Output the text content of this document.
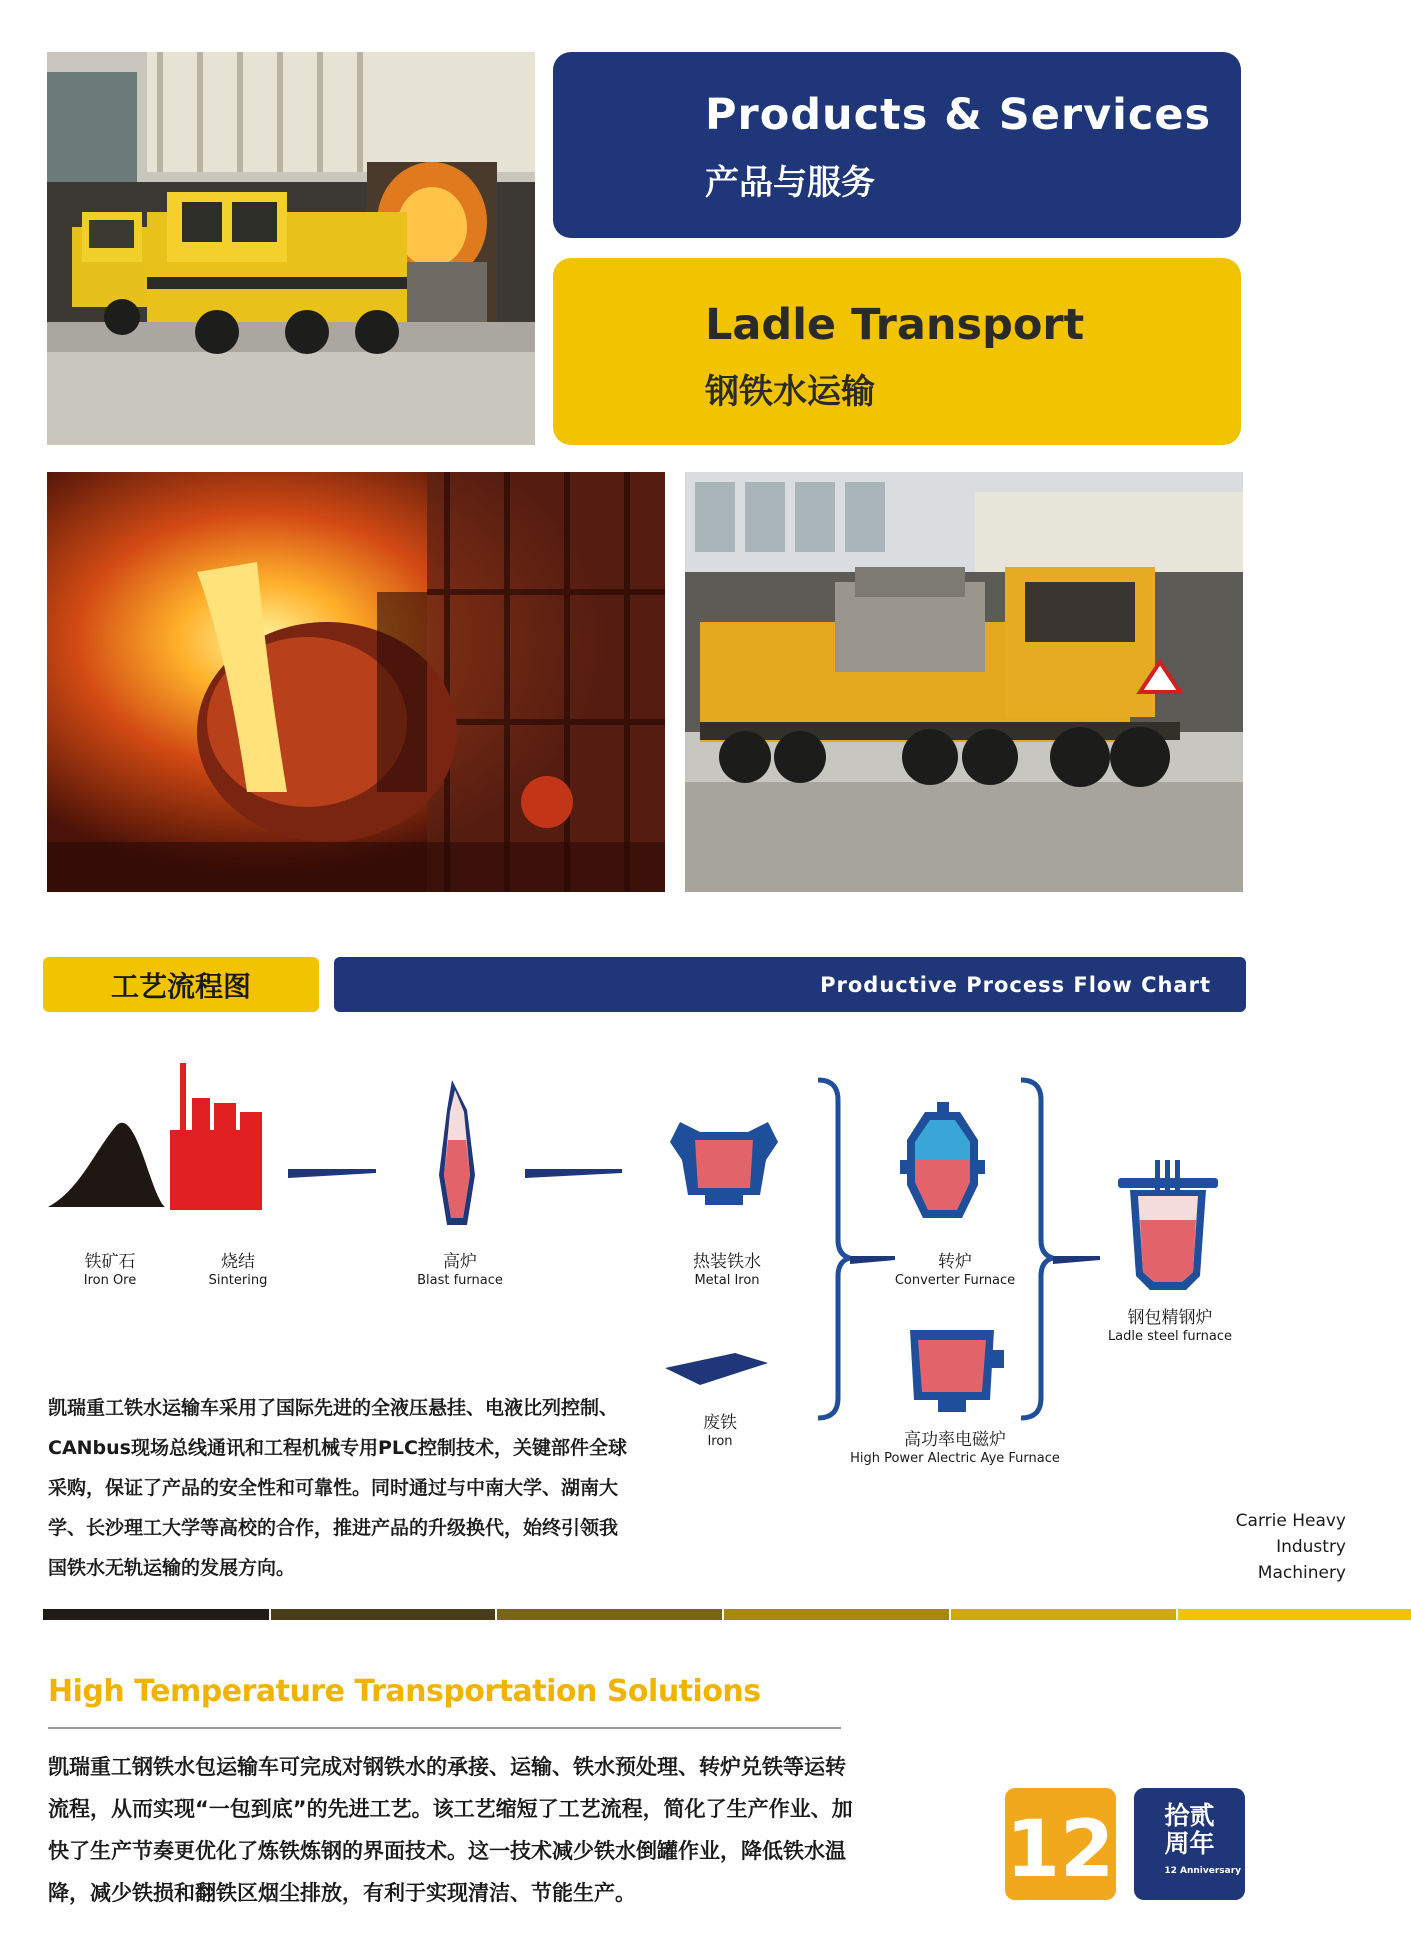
Products & Services
产品与服务
Ladle Transport
钢铁水运输
工艺流程图	Productive Process Flow Chart
铁矿石
Iron Ore
烧结
Sintering
高炉
Blast furnace
热装铁水
Metal Iron
废铁
Iron
转炉
Converter Furnace
高功率电磁炉
High Power Alectric Aye Furnace
钢包精钢炉
Ladle steel furnace
凯瑞重工铁水运输车采用了国际先进的全液压悬挂、电液比列控制、CANbus现场总线通讯和工程机械专用PLC控制技术，关键部件全球采购，保证了产品的安全性和可靠性。同时通过与中南大学、湖南大学、长沙理工大学等高校的合作，推进产品的升级换代，始终引领我国铁水无轨运输的发展方向。
Carrie Heavy
Industry
Machinery
High Temperature Transportation Solutions
凯瑞重工钢铁水包运输车可完成对钢铁水的承接、运输、铁水预处理、转炉兑铁等运转流程，从而实现“一包到底”的先进工艺。该工艺缩短了工艺流程，简化了生产作业、加快了生产节奏更优化了炼铁炼钢的界面技术。这一技术减少铁水倒罐作业，降低铁水温降，减少铁损和翻铁区烟尘排放，有利于实现清洁、节能生产。	12	拾贰
周年
12 Anniversary
